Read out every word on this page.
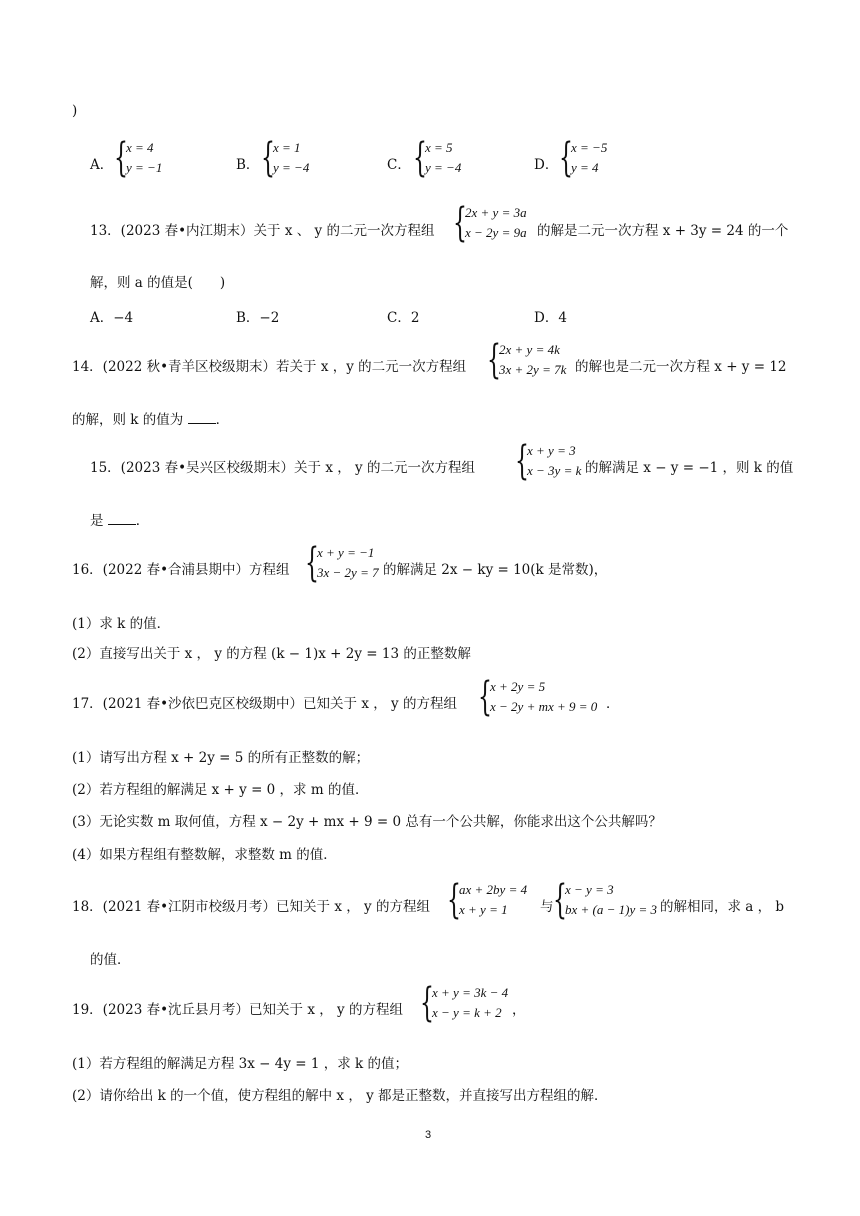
)
A． {
x = 4
y = −1	B． {
x = 1
y = −4	C． {
x = 5
y = −4	D． {
x = −5
y = 4
13．(2023 春•内江期末）关于 x 、 y 的二元一次方程组 {
2x + y = 3a
x − 2y = 9a 的解是二元一次方程 x + 3y = 24 的一个
解，则 a 的值是(　　)
A．−4	B．−2	C．2	D．4
14．(2022 秋•青羊区校级期末）若关于 x ，y 的二元一次方程组 {
2x + y = 4k
3x + 2y = 7k 的解也是二元一次方程 x + y = 12
的解，则 k 的值为 ．
15．(2023 春•吴兴区校级期末）关于 x ， y 的二元一次方程组 {
x + y = 3
x − 3y = k 的解满足 x − y = −1 ，则 k 的值
是 ．
16．(2022 春•合浦县期中）方程组 {
x + y = −1
3x − 2y = 7 的解满足 2x − ky = 10(k 是常数)，
(1）求 k 的值．
(2）直接写出关于 x ， y 的方程 (k − 1)x + 2y = 13 的正整数解
17．(2021 春•沙依巴克区校级期中）已知关于 x ， y 的方程组 {
x + 2y = 5
x − 2y + mx + 9 = 0 ．
(1）请写出方程 x + 2y = 5 的所有正整数的解；
(2）若方程组的解满足 x + y = 0 ，求 m 的值．
(3）无论实数 m 取何值，方程 x − 2y + mx + 9 = 0 总有一个公共解，你能求出这个公共解吗？
(4）如果方程组有整数解，求整数 m 的值．
18．(2021 春•江阴市校级月考）已知关于 x ， y 的方程组 {
ax + 2by = 4
x + y = 1	与 {
x − y = 3
bx + (a − 1)y = 3 的解相同，求 a ， b
的值．
19．(2023 春•沈丘县月考）已知关于 x ， y 的方程组 {
x + y = 3k − 4
x − y = k + 2 ，
(1）若方程组的解满足方程 3x − 4y = 1 ，求 k 的值；
(2）请你给出 k 的一个值，使方程组的解中 x ， y 都是正整数，并直接写出方程组的解．
3
